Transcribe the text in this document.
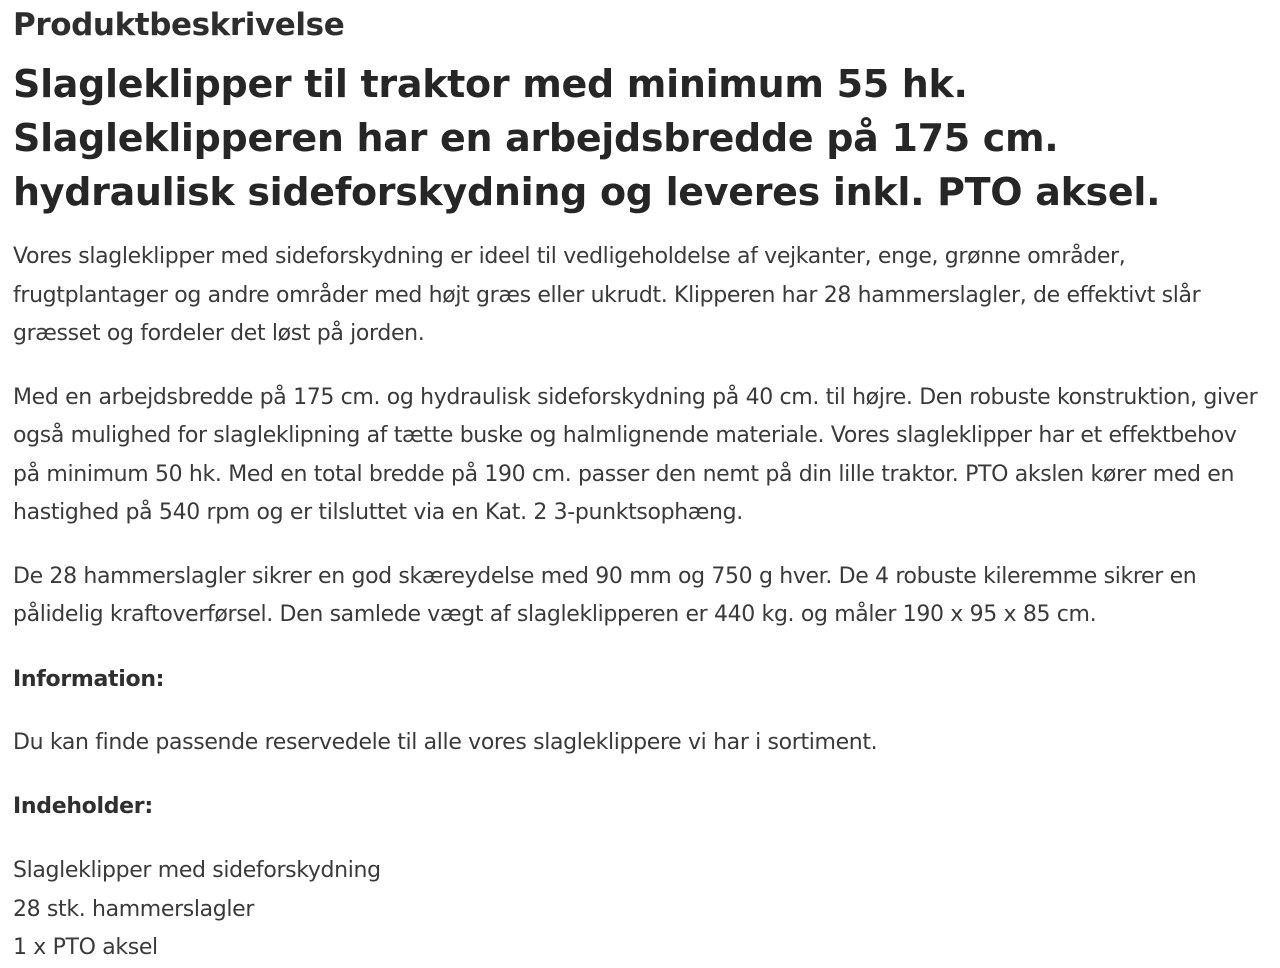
Produktbeskrivelse
Slagleklipper til traktor med minimum 55 hk. Slagleklipperen har en arbejdsbredde på 175 cm. hydraulisk sideforskydning og leveres inkl. PTO aksel.

Vores slagleklipper med sideforskydning er ideel til vedligeholdelse af vejkanter, enge, grønne områder, frugtplantager og andre områder med højt græs eller ukrudt. Klipperen har 28 hammerslagler, de effektivt slår græsset og fordeler det løst på jorden.

Med en arbejdsbredde på 175 cm. og hydraulisk sideforskydning på 40 cm. til højre. Den robuste konstruktion, giver også mulighed for slagleklipning af tætte buske og halmlignende materiale. Vores slagleklipper har et effektbehov på minimum 50 hk. Med en total bredde på 190 cm. passer den nemt på din lille traktor. PTO akslen kører med en hastighed på 540 rpm og er tilsluttet via en Kat. 2 3-punktsophæng.

De 28 hammerslagler sikrer en god skæreydelse med 90 mm og 750 g hver. De 4 robuste kileremme sikrer en pålidelig kraftoverførsel. Den samlede vægt af slagleklipperen er 440 kg. og måler 190 x 95 x 85 cm.

Information:

Du kan finde passende reservedele til alle vores slagleklippere vi har i sortiment.

Indeholder:
Slagleklipper med sideforskydning
28 stk. hammerslagler
1 x PTO aksel
